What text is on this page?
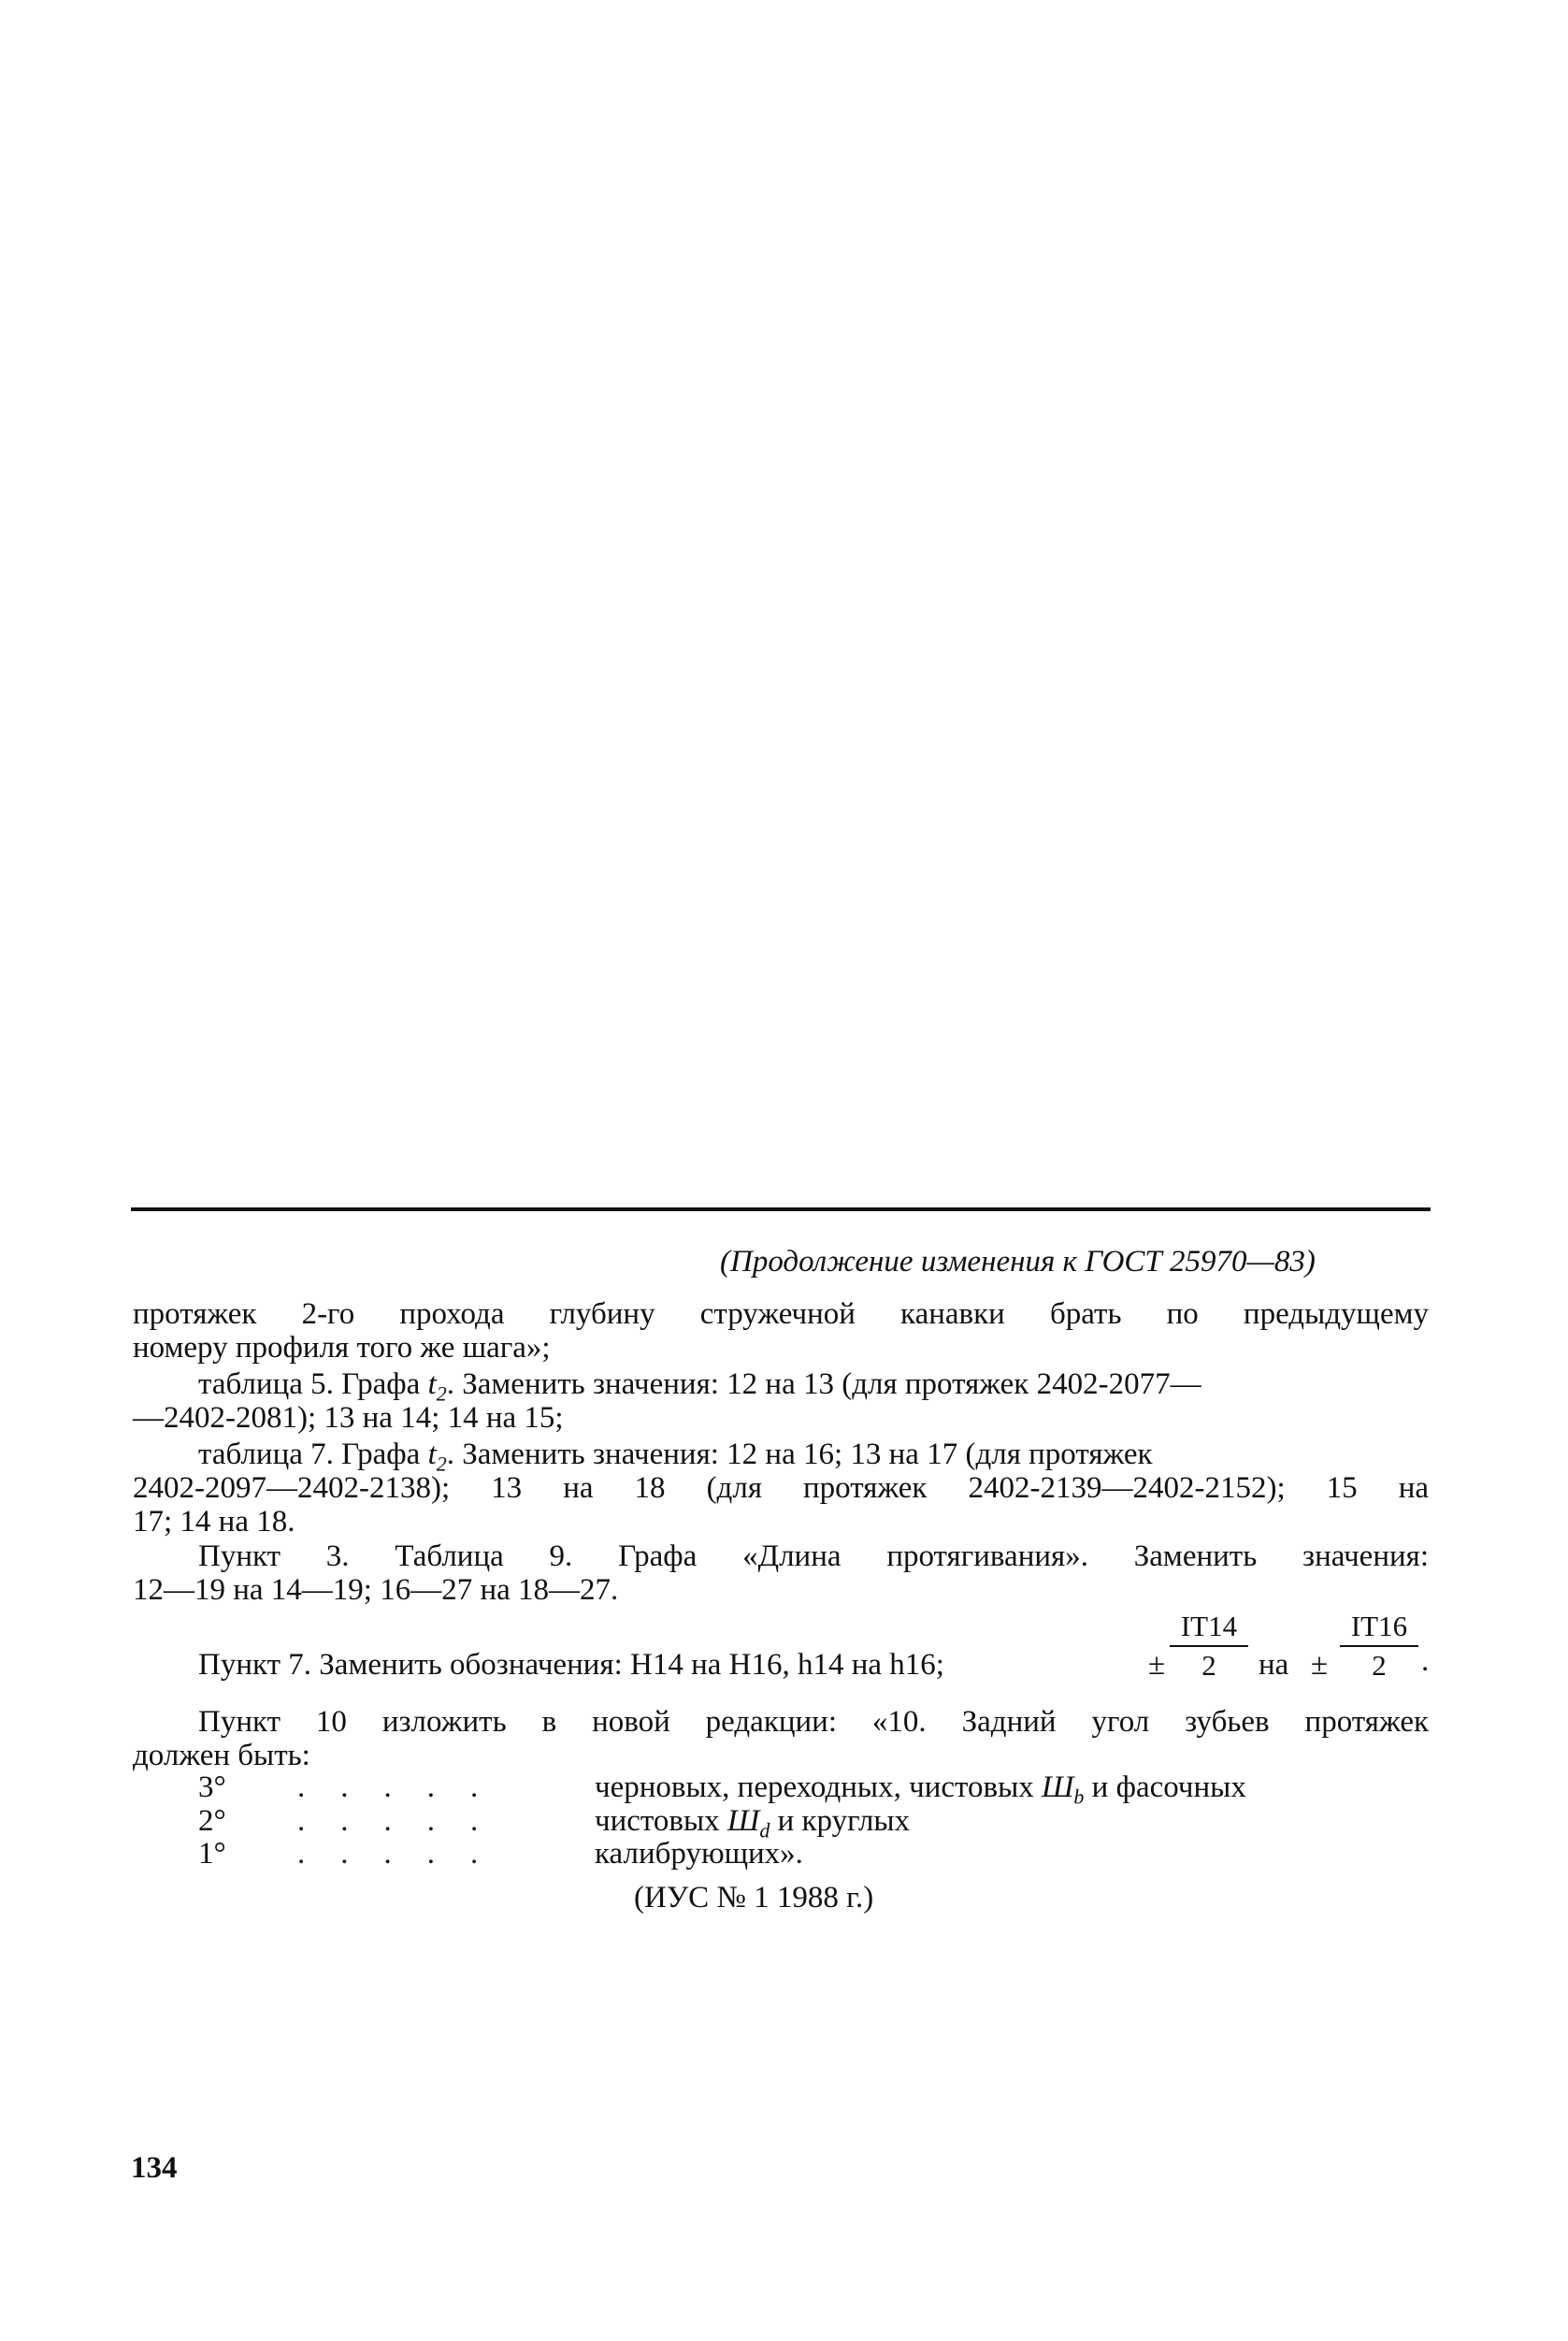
(Продолжение изменения к ГОСТ 25970—83)
протяжек 2-го прохода глубину стружечной канавки брать по предыдущему
номеру профиля того же шага»;
таблица 5. Графа $t_2$. Заменить значения: 12 на 13 (для протяжек 2402-2077—
—2402-2081); 13 на 14; 14 на 15;
таблица 7. Графа $t_2$. Заменить значения: 12 на 16; 13 на 17 (для протяжек
2402-2097—2402-2138); 13 на 18 (для протяжек 2402-2139—2402-2152); 15 на
17; 14 на 18.
Пункт 3. Таблица 9. Графа «Длина протягивания». Заменить значения:
12—19 на 14—19; 16—27 на 18—27.
Пункт 7. Заменить обозначения: H14 на H16, h14 на h16;	±
IT14
2	на ±
IT16
2	.
Пункт 10 изложить в новой редакции: «10. Задний угол зубьев протяжек
должен быть:
3° .....	черновых, переходных, чистовых $Ш_b$ и фасочных
2° .....	чистовых $Ш_d$ и круглых
1° .....	калибрующих».
(ИУС № 1 1988 г.)
134
